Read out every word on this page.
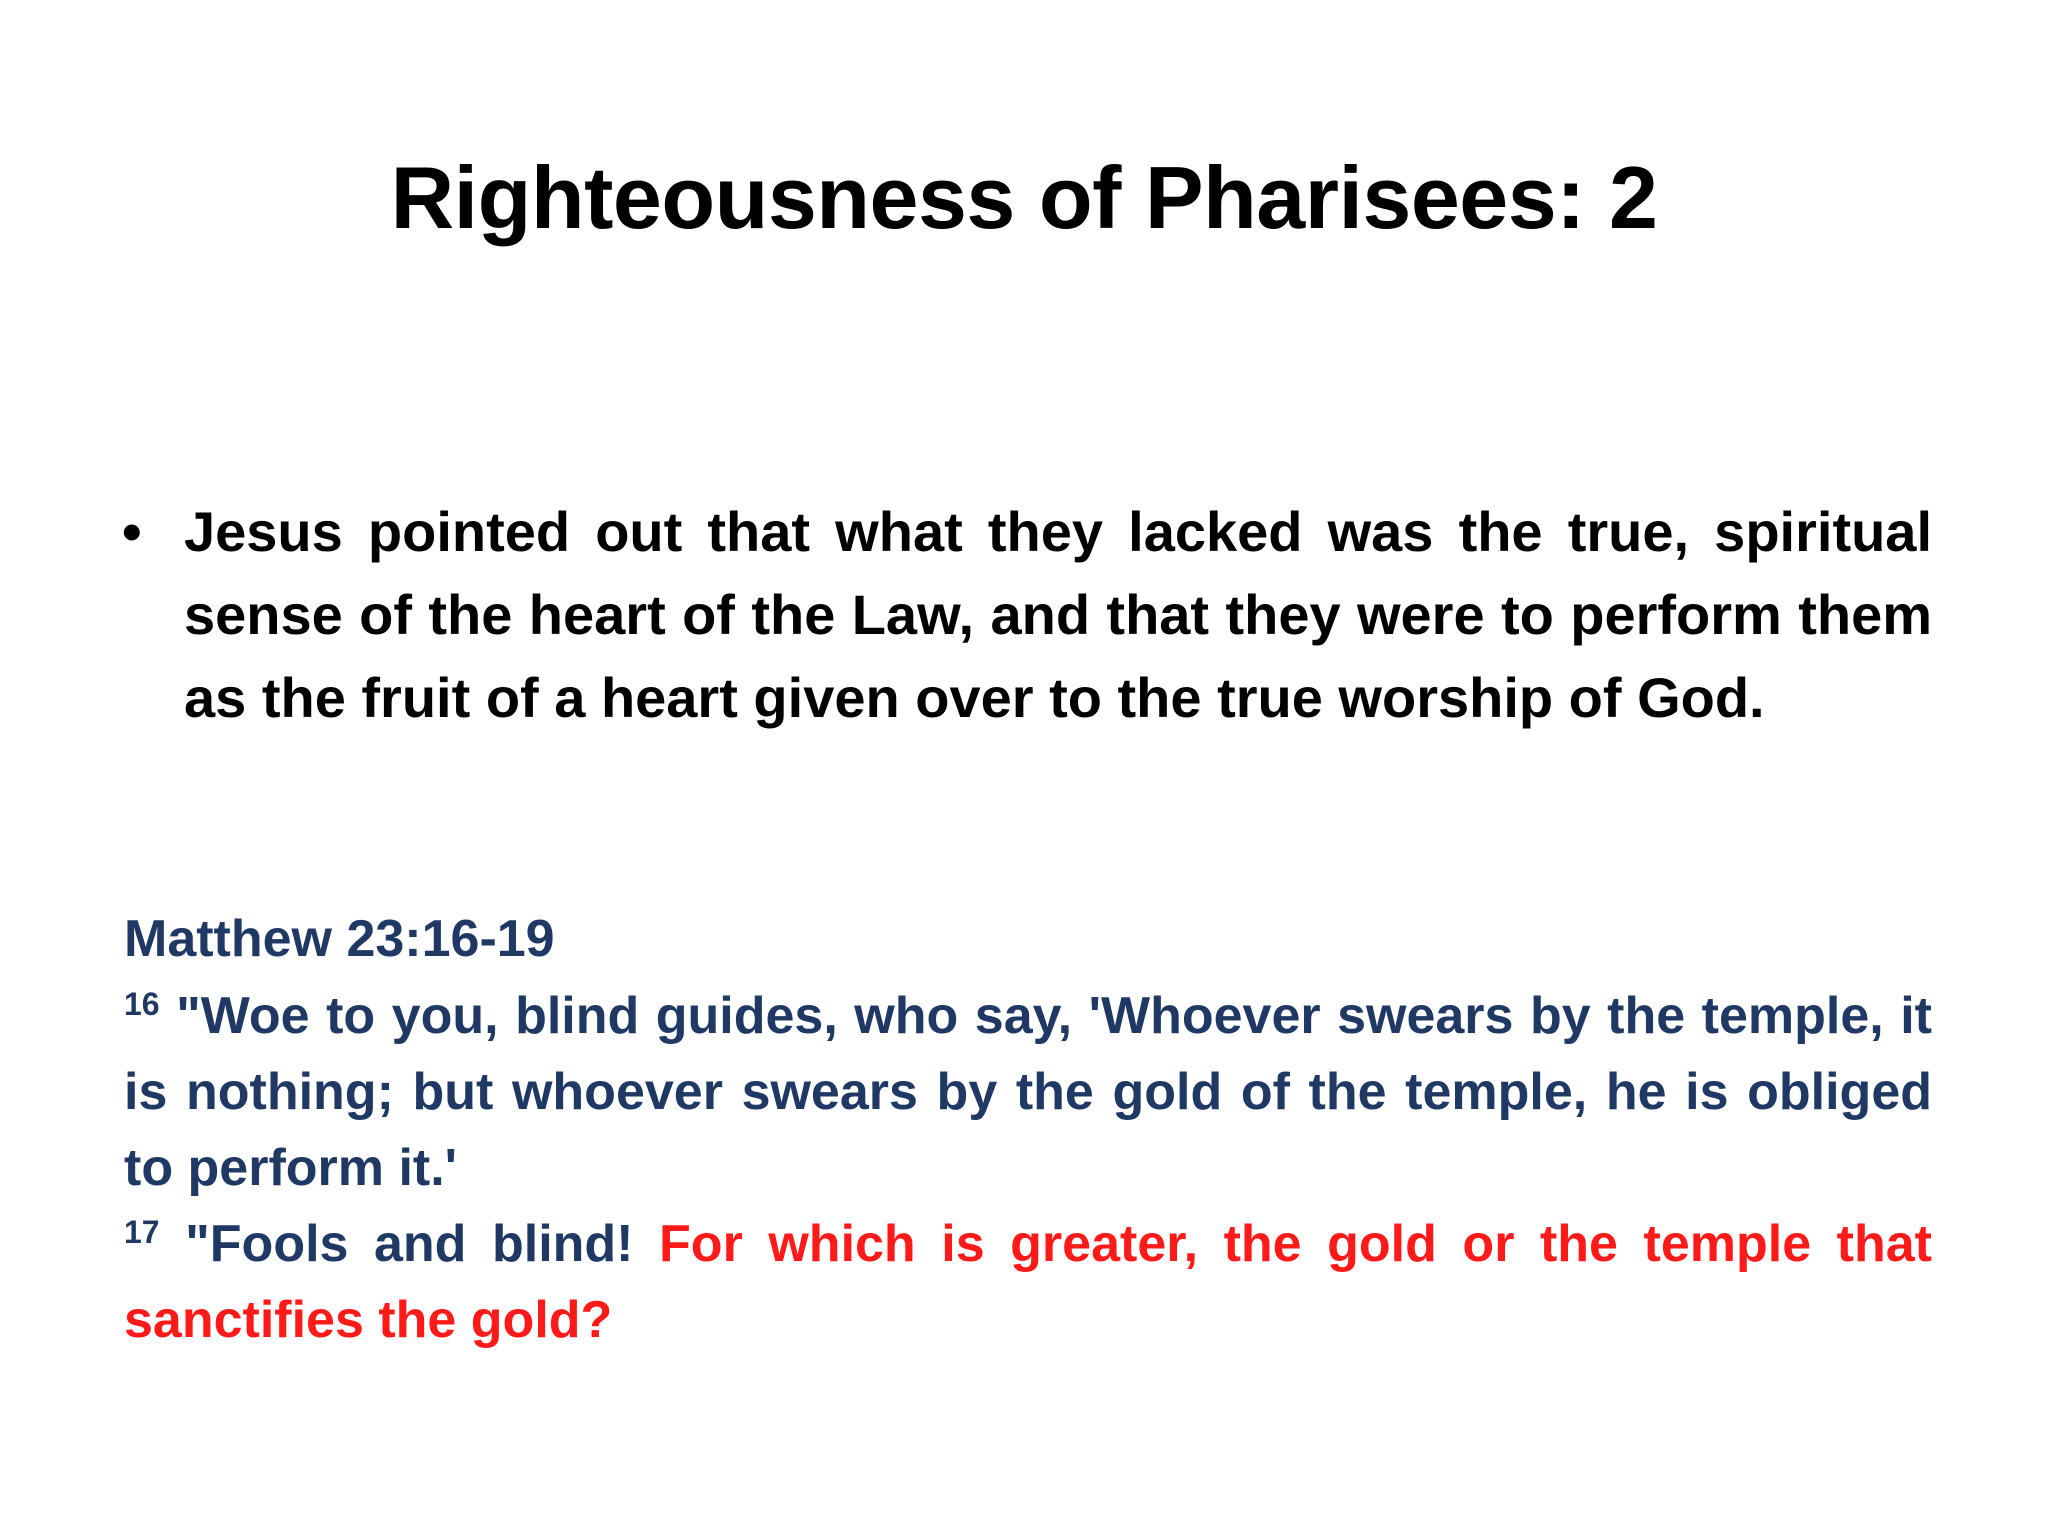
Righteousness of Pharisees: 2
• Jesus pointed out that what they lacked was the true, spiritual sense of the heart of the Law, and that they were to perform them as the fruit of a heart given over to the true worship of God.

Matthew 23:16-19

$^{16}$ "Woe to you, blind guides, who say, 'Whoever swears by the temple, it is nothing; but whoever swears by the gold of the temple, he is obliged to perform it.'

$^{17}$ "Fools and blind! For which is greater, the gold or the temple that sanctifies the gold?
